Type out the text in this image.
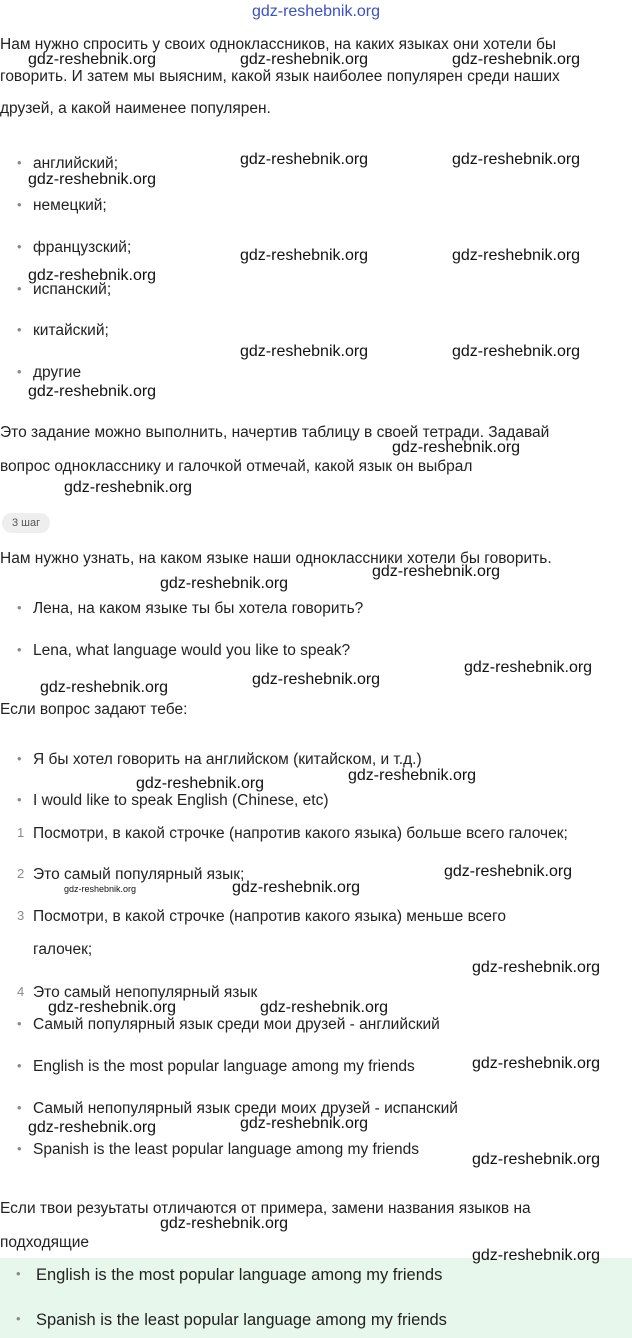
gdz-reshebnik.org
Нам нужно спросить у своих одноклассников, на каких языках они хотели бы
говорить. И затем мы выясним, какой язык наиболее популярен среди наших
друзей, а какой наименее популярен.
• английский;
• немецкий;
• французский;
• испанский;
• китайский;
• другие
Это задание можно выполнить, начертив таблицу в своей тетради. Задавай
вопрос однокласснику и галочкой отмечай, какой язык он выбрал
3 шаг
Нам нужно узнать, на каком языке наши одноклассники хотели бы говорить.
• Лена, на каком языке ты бы хотела говорить?
• Lena, what language would you like to speak?
Если вопрос задают тебе:
• Я бы хотел говорить на английском (китайском, и т.д.)
• I would like to speak English (Chinese, etc)
1 Посмотри, в какой строчке (напротив какого языка) больше всего галочек;
2 Это самый популярный язык;
3 Посмотри, в какой строчке (напротив какого языка) меньше всего
галочек;
4 Это самый непопулярный язык
• Самый популярный язык среди мои друзей - английский
• English is the most popular language among my friends
• Самый непопулярный язык среди моих друзей - испанский
• Spanish is the least popular language among my friends
Если твои резуьтаты отличаются от примера, замени названия языков на
подходящие
• English is the most popular language among my friends
• Spanish is the least popular language among my friends
gdz-reshebnik.org	gdz-reshebnik.org	gdz-reshebnik.org
gdz-reshebnik.org	gdz-reshebnik.org
gdz-reshebnik.org
gdz-reshebnik.org	gdz-reshebnik.org
gdz-reshebnik.org
gdz-reshebnik.org	gdz-reshebnik.org
gdz-reshebnik.org
gdz-reshebnik.org
gdz-reshebnik.org
gdz-reshebnik.org
gdz-reshebnik.org
gdz-reshebnik.org
gdz-reshebnik.org
gdz-reshebnik.org
gdz-reshebnik.org
gdz-reshebnik.org
gdz-reshebnik.org
gdz-reshebnik.org	gdz-reshebnik.org
gdz-reshebnik.org
gdz-reshebnik.org	gdz-reshebnik.org
gdz-reshebnik.org
gdz-reshebnik.org
gdz-reshebnik.org
gdz-reshebnik.org
gdz-reshebnik.org
gdz-reshebnik.org
